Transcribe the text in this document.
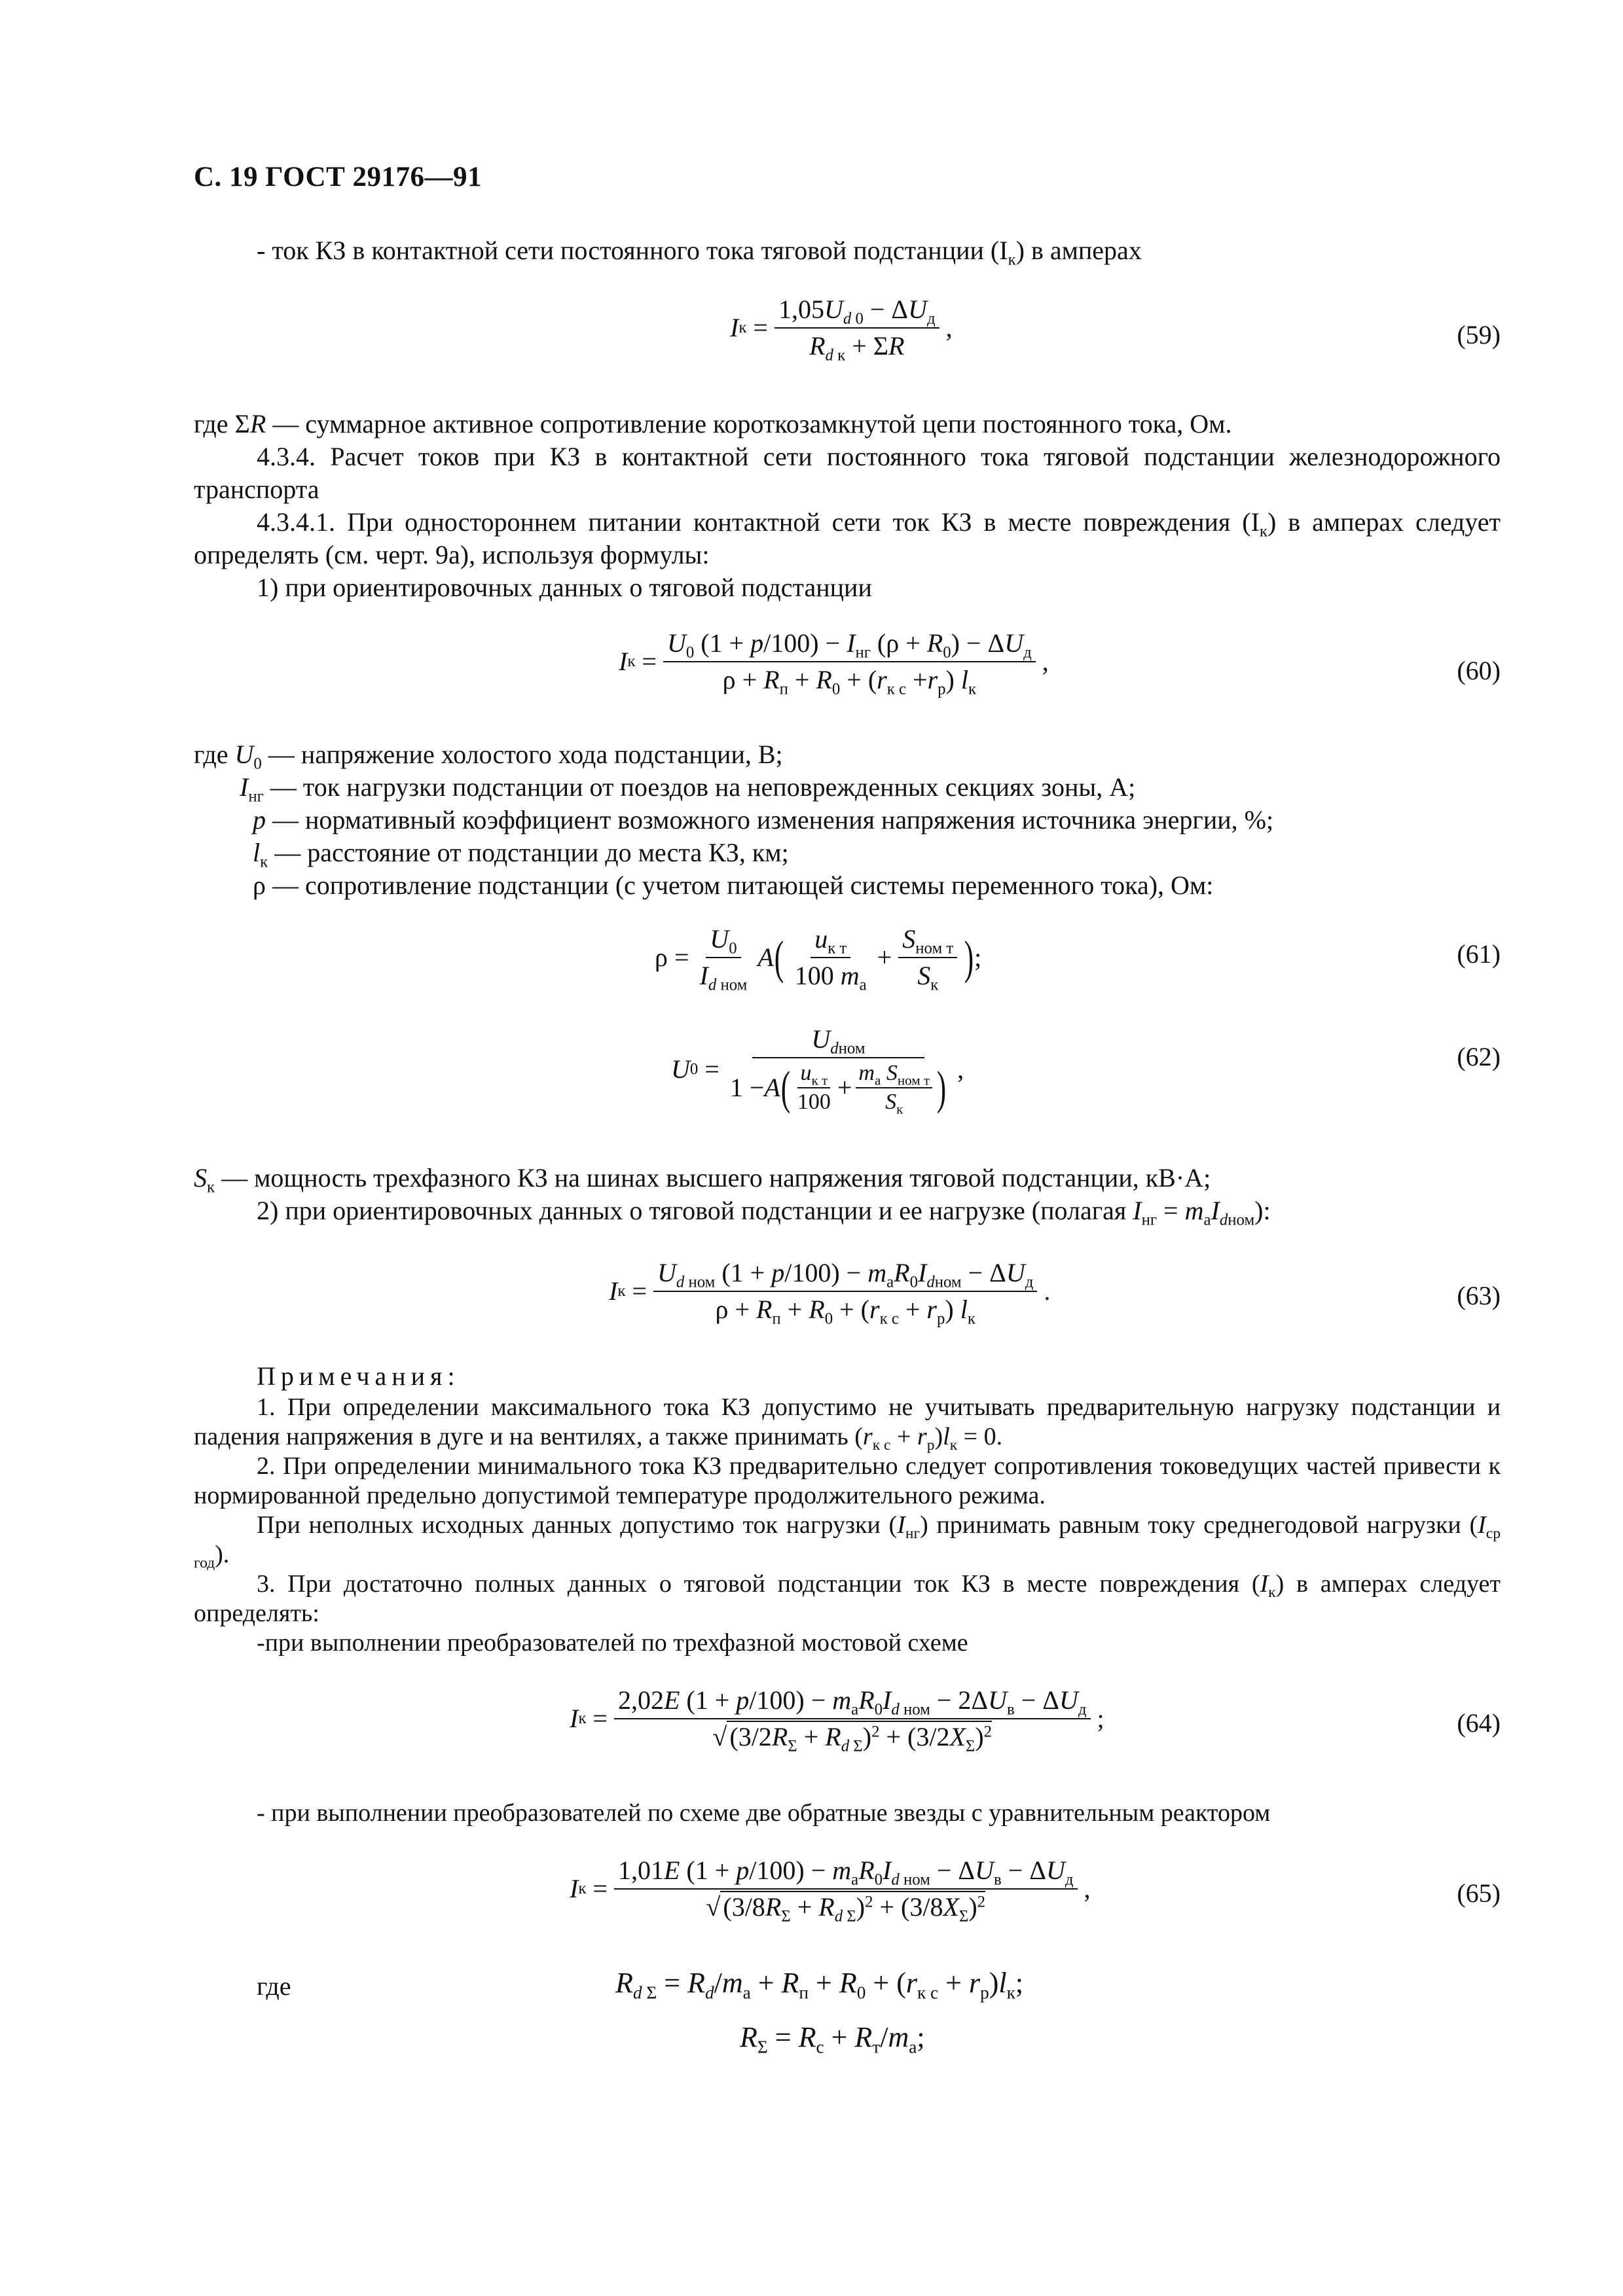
С. 19 ГОСТ 29176—91
- ток КЗ в контактной сети постоянного тока тяговой подстанции $(I_к)$ в амперах
I $к = \frac{1,05U_{d 0} - \Delta U_д}{R_{d к} + \Sigma R}$ ,	(59)
где ΣR — суммарное активное сопротивление короткозамкнутой цепи постоянного тока, Ом.
4.3.4. Расчет токов при КЗ в контактной сети постоянного тока тяговой подстанции железнодорожного транспорта
4.3.4.1. При одностороннем питании контактной сети ток КЗ в месте повреждения $(I_к)$ в амперах следует определять (см. черт. 9а), используя формулы:
1) при ориентировочных данных о тяговой подстанции
I $к = \frac{U_0 (1 + p/100) - I_{нг} (\rho + R_0) - \Delta U_д}{\rho + R_п + R_0 + (r_{к с} +r_р) l_к}$ ,	(60)
где $U_0$ — напряжение холостого хода подстанции, В;
$I_{нг}$ — ток нагрузки подстанции от поездов на неповрежденных секциях зоны, А;
p — нормативный коэффициент возможного изменения напряжения источника энергии, %;
$l_к$ — расстояние от подстанции до места КЗ, км;
ρ — сопротивление подстанции (с учетом питающей системы переменного тока), Ом:
$\rho = \frac{U_0}{I_{d ном}}$ A ( $\frac{u_{к т}}{100 m_а} + \frac{S_{ном т}}{S_к}$ ) ;	(61)
U $0 = \frac{U_{dном}}{1 - A ( \frac{u_{к т}}{100} + \frac{m_а S_{ном т}}{S_к} )}$ ,	(62)
$S_к$ — мощность трехфазного КЗ на шинах высшего напряжения тяговой подстанции, кВ·А;
2) при ориентировочных данных о тяговой подстанции и ее нагрузке (полагая $I_{нг} = m_аI_{dном}$):
I $к = \frac{U_{d ном} (1 + p/100) - m_аR_0I_{dном} - \Delta U_д}{\rho + R_п + R_0 + (r_{к с} + r_р) l_к}$ .	(63)
Примечания:
1. При определении максимального тока КЗ допустимо не учитывать предварительную нагрузку подстанции и падения напряжения в дуге и на вентилях, а также принимать $(r_{к с} + r_р)l_к = 0$.
2. При определении минимального тока КЗ предварительно следует сопротивления токоведущих частей привести к нормированной предельно допустимой температуре продолжительного режима.
При неполных исходных данных допустимо ток нагрузки $(I_{нг})$ принимать равным току среднегодовой нагрузки $(I_{ср год})$.
3. При достаточно полных данных о тяговой подстанции ток КЗ в месте повреждения $(I_к)$ в амперах следует определять:
-при выполнении преобразователей по трехфазной мостовой схеме
I $к = \frac{2,02E (1 + p/100) - m_аR_0I_{d ном} - 2\Delta U_в - \Delta U_д}{√ (3/2R_\Sigma + R_{d \Sigma})^2 + (3/2X_\Sigma)^2}$ ;	(64)
- при выполнении преобразователей по схеме две обратные звезды с уравнительным реактором
I $к = \frac{1,01E (1 + p/100) - m_аR_0I_{d ном} - \Delta U_в - \Delta U_д}{√ (3/8R_\Sigma + R_{d \Sigma})^2 + (3/8X_\Sigma)^2}$ ,	(65)
где	$R_{d \Sigma} = R_d/m_а + R_п + R_0 + (r_{к с} + r_р)l_к$;
$R_\Sigma = R_с + R_т/m_а$;
